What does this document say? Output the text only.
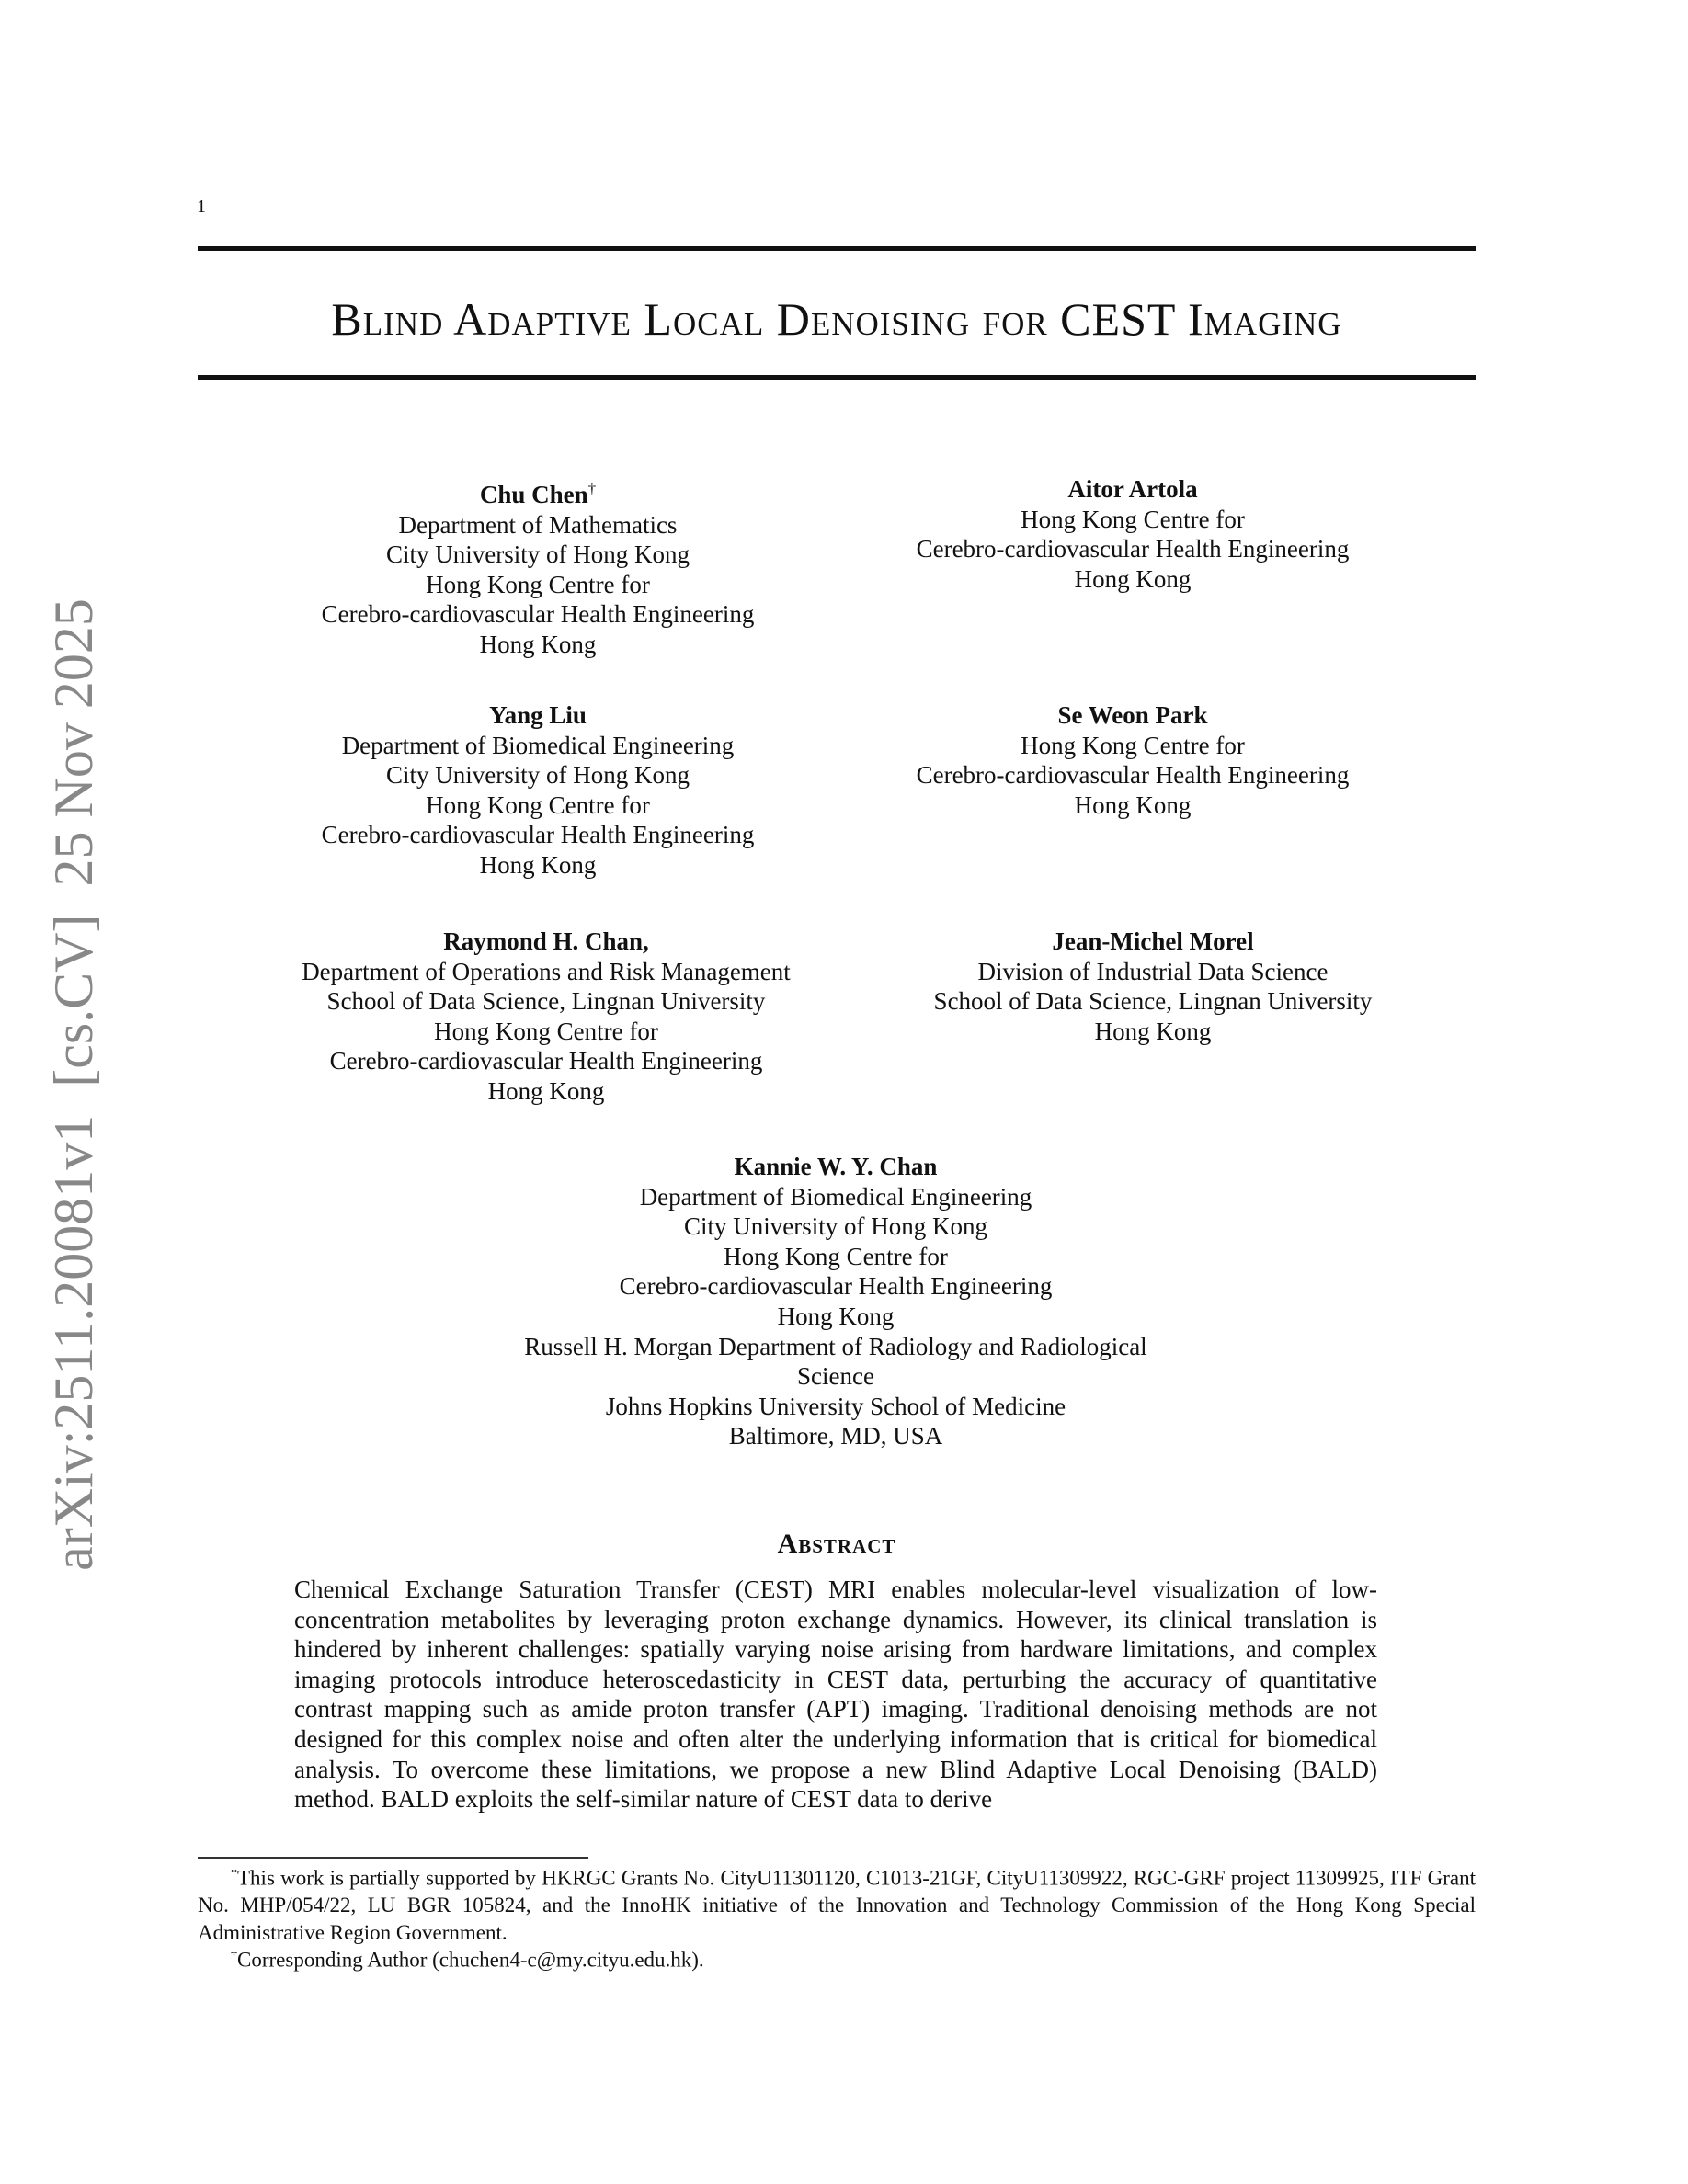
1
Blind Adaptive Local Denoising for CEST Imaging
arXiv:2511.20081v1  [cs.CV]  25 Nov 2025
Chu Chen†
Department of Mathematics
City University of Hong Kong
Hong Kong Centre for
Cerebro-cardiovascular Health Engineering
Hong Kong
Aitor Artola
Hong Kong Centre for
Cerebro-cardiovascular Health Engineering
Hong Kong
Yang Liu
Department of Biomedical Engineering
City University of Hong Kong
Hong Kong Centre for
Cerebro-cardiovascular Health Engineering
Hong Kong
Se Weon Park
Hong Kong Centre for
Cerebro-cardiovascular Health Engineering
Hong Kong
Raymond H. Chan,
Department of Operations and Risk Management
School of Data Science, Lingnan University
Hong Kong Centre for
Cerebro-cardiovascular Health Engineering
Hong Kong
Jean-Michel Morel
Division of Industrial Data Science
School of Data Science, Lingnan University
Hong Kong
Kannie W. Y. Chan
Department of Biomedical Engineering
City University of Hong Kong
Hong Kong Centre for
Cerebro-cardiovascular Health Engineering
Hong Kong
Russell H. Morgan Department of Radiology and Radiological Science
Johns Hopkins University School of Medicine
Baltimore, MD, USA
Abstract
Chemical Exchange Saturation Transfer (CEST) MRI enables molecular-level visualization of low-concentration metabolites by leveraging proton exchange dynamics. However, its clinical translation is hindered by inherent challenges: spatially varying noise arising from hardware limitations, and complex imaging protocols introduce heteroscedasticity in CEST data, perturbing the accuracy of quantitative contrast mapping such as amide proton transfer (APT) imaging. Traditional denoising methods are not designed for this complex noise and often alter the underlying information that is critical for biomedical analysis. To overcome these limitations, we propose a new Blind Adaptive Local Denoising (BALD) method. BALD exploits the self-similar nature of CEST data to derive
*This work is partially supported by HKRGC Grants No. CityU11301120, C1013-21GF, CityU11309922, RGC-GRF project 11309925, ITF Grant No. MHP/054/22, LU BGR 105824, and the InnoHK initiative of the Innovation and Technology Commission of the Hong Kong Special Administrative Region Government.
†Corresponding Author (chuchen4-c@my.cityu.edu.hk).
